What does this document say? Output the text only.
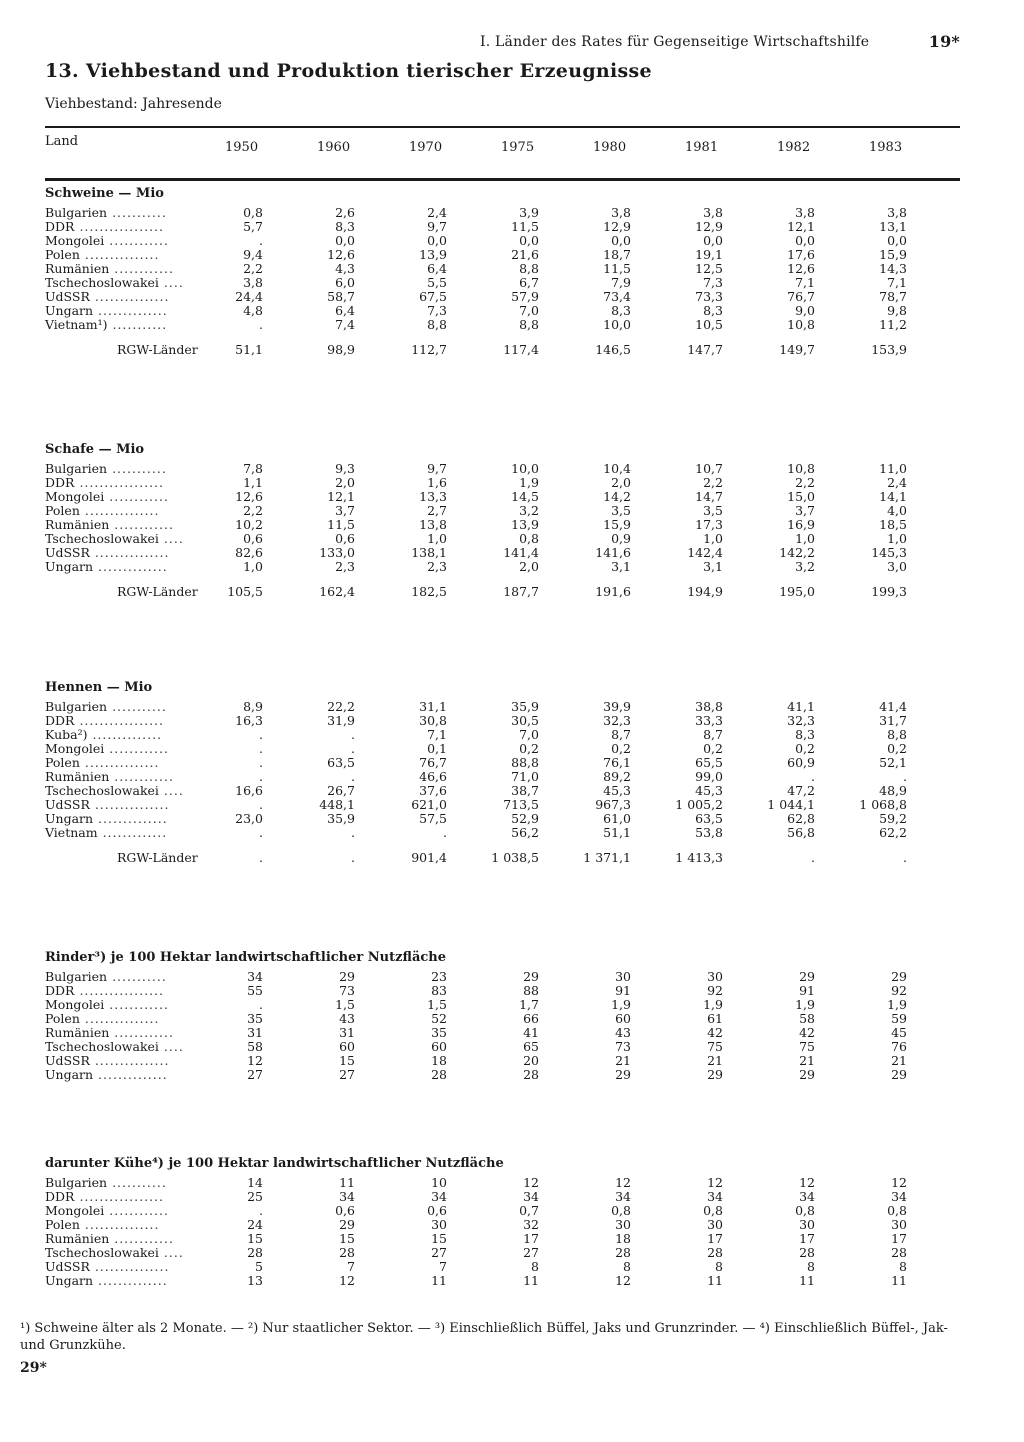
I. Länder des Rates für Gegenseitige Wirtschaftshilfe	19*
13. Viehbestand und Produktion tierischer Erzeugnisse
Viehbestand: Jahresende
Land	1950	1960	1970	1975	1980	1981	1982	1983
Schweine — Mio
Bulgarien ...........	0,8	2,6	2,4	3,9	3,8	3,8	3,8	3,8
DDR .................	5,7	8,3	9,7	11,5	12,9	12,9	12,1	13,1
Mongolei ............	.	0,0	0,0	0,0	0,0	0,0	0,0	0,0
Polen ...............	9,4	12,6	13,9	21,6	18,7	19,1	17,6	15,9
Rumänien ............	2,2	4,3	6,4	8,8	11,5	12,5	12,6	14,3
Tschechoslowakei ....	3,8	6,0	5,5	6,7	7,9	7,3	7,1	7,1
UdSSR ...............	24,4	58,7	67,5	57,9	73,4	73,3	76,7	78,7
Ungarn ..............	4,8	6,4	7,3	7,0	8,3	8,3	9,0	9,8
Vietnam¹) ...........	.	7,4	8,8	8,8	10,0	10,5	10,8	11,2
RGW-Länder	51,1	98,9	112,7	117,4	146,5	147,7	149,7	153,9
Schafe — Mio
Bulgarien ...........	7,8	9,3	9,7	10,0	10,4	10,7	10,8	11,0
DDR .................	1,1	2,0	1,6	1,9	2,0	2,2	2,2	2,4
Mongolei ............	12,6	12,1	13,3	14,5	14,2	14,7	15,0	14,1
Polen ...............	2,2	3,7	2,7	3,2	3,5	3,5	3,7	4,0
Rumänien ............	10,2	11,5	13,8	13,9	15,9	17,3	16,9	18,5
Tschechoslowakei ....	0,6	0,6	1,0	0,8	0,9	1,0	1,0	1,0
UdSSR ...............	82,6	133,0	138,1	141,4	141,6	142,4	142,2	145,3
Ungarn ..............	1,0	2,3	2,3	2,0	3,1	3,1	3,2	3,0
RGW-Länder	105,5	162,4	182,5	187,7	191,6	194,9	195,0	199,3
Hennen — Mio
Bulgarien ...........	8,9	22,2	31,1	35,9	39,9	38,8	41,1	41,4
DDR .................	16,3	31,9	30,8	30,5	32,3	33,3	32,3	31,7
Kuba²) ..............	.	.	7,1	7,0	8,7	8,7	8,3	8,8
Mongolei ............	.	.	0,1	0,2	0,2	0,2	0,2	0,2
Polen ...............	.	63,5	76,7	88,8	76,1	65,5	60,9	52,1
Rumänien ............	.	.	46,6	71,0	89,2	99,0	.	.
Tschechoslowakei ....	16,6	26,7	37,6	38,7	45,3	45,3	47,2	48,9
UdSSR ...............	.	448,1	621,0	713,5	967,3	1 005,2	1 044,1	1 068,8
Ungarn ..............	23,0	35,9	57,5	52,9	61,0	63,5	62,8	59,2
Vietnam .............	.	.	.	56,2	51,1	53,8	56,8	62,2
RGW-Länder	.	.	901,4	1 038,5	1 371,1	1 413,3	.	.
Rinder³) je 100 Hektar landwirtschaftlicher Nutzfläche
Bulgarien ...........	34	29	23	29	30	30	29	29
DDR .................	55	73	83	88	91	92	91	92
Mongolei ............	.	1,5	1,5	1,7	1,9	1,9	1,9	1,9
Polen ...............	35	43	52	66	60	61	58	59
Rumänien ............	31	31	35	41	43	42	42	45
Tschechoslowakei ....	58	60	60	65	73	75	75	76
UdSSR ...............	12	15	18	20	21	21	21	21
Ungarn ..............	27	27	28	28	29	29	29	29
darunter Kühe⁴) je 100 Hektar landwirtschaftlicher Nutzfläche
Bulgarien ...........	14	11	10	12	12	12	12	12
DDR .................	25	34	34	34	34	34	34	34
Mongolei ............	.	0,6	0,6	0,7	0,8	0,8	0,8	0,8
Polen ...............	24	29	30	32	30	30	30	30
Rumänien ............	15	15	15	17	18	17	17	17
Tschechoslowakei ....	28	28	27	27	28	28	28	28
UdSSR ...............	5	7	7	8	8	8	8	8
Ungarn ..............	13	12	11	11	12	11	11	11
¹) Schweine älter als 2 Monate. — ²) Nur staatlicher Sektor. — ³) Einschließlich Büffel, Jaks und Grunzrinder. — ⁴) Einschließlich Büffel-, Jak- und Grunzkühe.
29*
